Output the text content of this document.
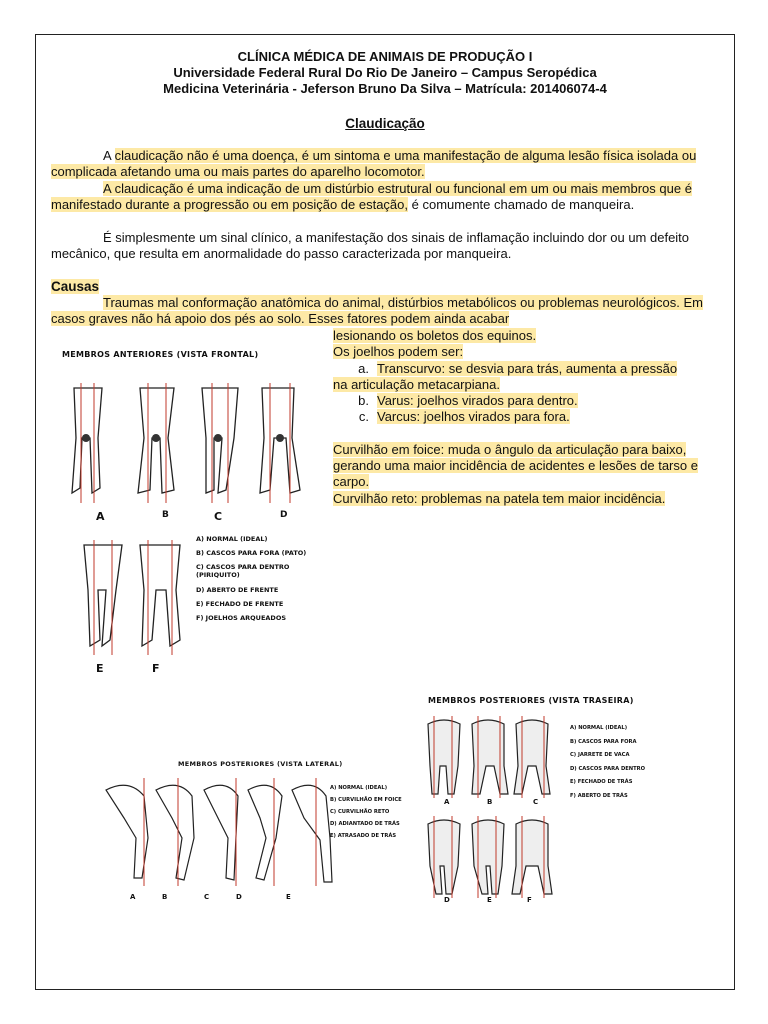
CLÍNICA MÉDICA DE ANIMAIS DE PRODUÇÃO I
Universidade Federal Rural Do Rio De Janeiro – Campus Seropédica
Medicina Veterinária - Jeferson Bruno Da Silva – Matrícula: 201406074-4
Claudicação
A claudicação não é uma doença, é um sintoma e uma manifestação de alguma lesão física isolada ou complicada afetando uma ou mais partes do aparelho locomotor.
A claudicação é uma indicação de um distúrbio estrutural ou funcional em um ou mais membros que é manifestado durante a progressão ou em posição de estação, é comumente chamado de manqueira.
É simplesmente um sinal clínico, a manifestação dos sinais de inflamação incluindo dor ou um defeito mecânico, que resulta em anormalidade do passo caracterizada por manqueira.
Causas
Traumas mal conformação anatômica do animal, distúrbios metabólicos ou problemas neurológicos. Em casos graves não há apoio dos pés ao solo. Esses fatores podem ainda acabar
lesionando os boletos dos equinos.
Os joelhos podem ser:
a. Transcurvo: se desvia para trás, aumenta a pressão
na articulação metacarpiana.
b. Varus: joelhos virados para dentro.
c. Varcus: joelhos virados para fora.
Curvilhão em foice: muda o ângulo da articulação para baixo, gerando uma maior incidência de acidentes e lesões de tarso e carpo.
Curvilhão reto: problemas na patela tem maior incidência.
MEMBROS ANTERIORES (VISTA FRONTAL)
A	B	C	D
E	F
A) NORMAL (IDEAL)
B) CASCOS PARA FORA (PATO)
C) CASCOS PARA DENTRO
(PIRIQUITO)
D) ABERTO DE FRENTE
E) FECHADO DE FRENTE
F) JOELHOS ARQUEADOS
MEMBROS POSTERIORES (VISTA LATERAL)
A	B	C	D	E
A) NORMAL (IDEAL)
B) CURVILHÃO EM FOICE
C) CURVILHÃO RETO
D) ADIANTADO DE TRÁS
E) ATRASADO DE TRÁS
MEMBROS POSTERIORES (VISTA TRASEIRA)
A	B	C
D	E	F
A) NORMAL (IDEAL)
B) CASCOS PARA FORA
C) JARRETE DE VACA
D) CASCOS PARA DENTRO
E) FECHADO DE TRÁS
F) ABERTO DE TRÁS
